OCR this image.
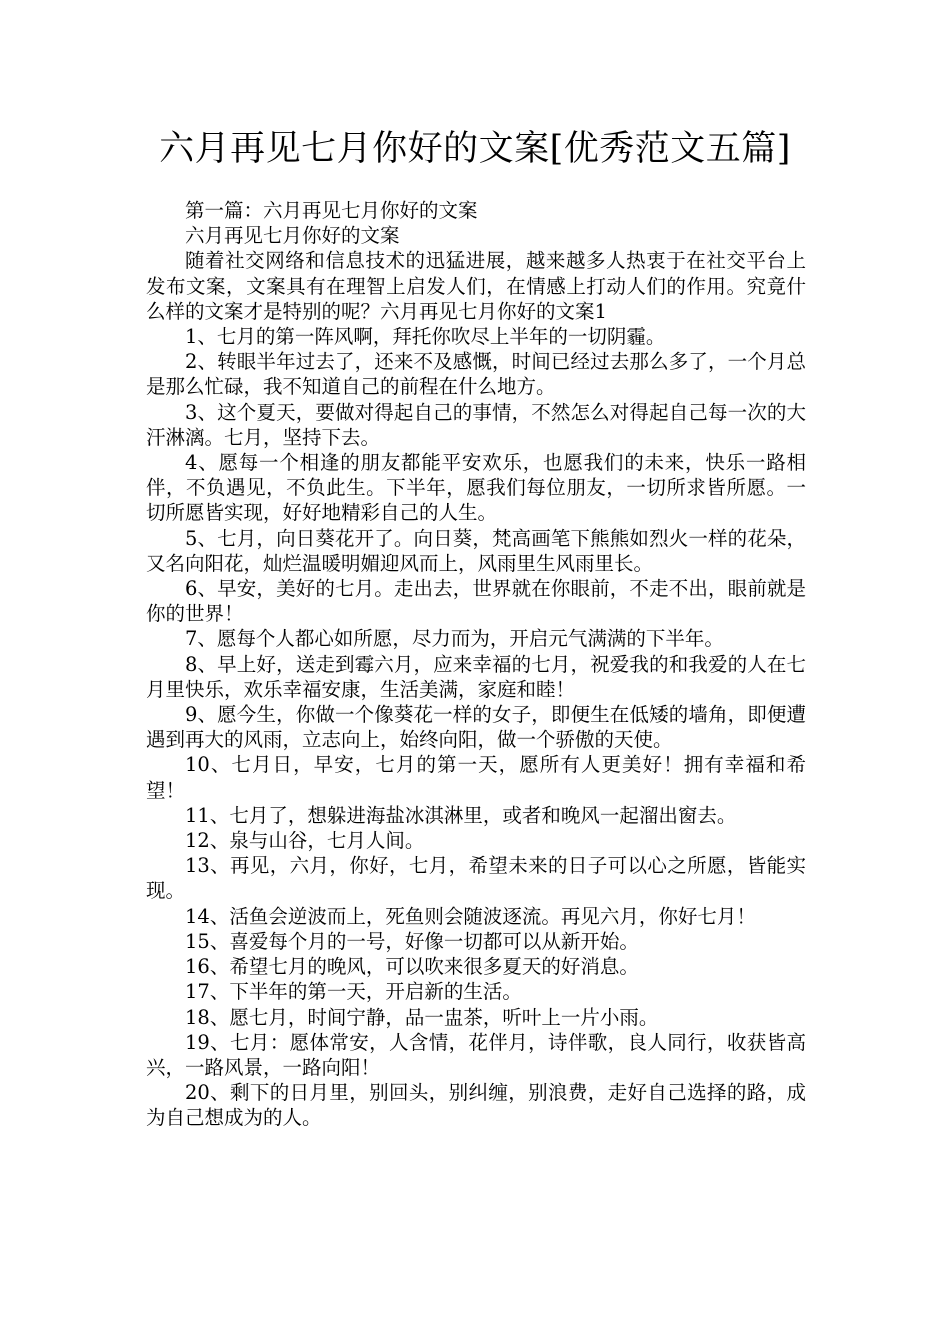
六月再见七月你好的文案[优秀范文五篇]

第一篇：六月再见七月你好的文案

六月再见七月你好的文案

随着社交网络和信息技术的迅猛进展，越来越多人热衷于在社交平台上发布文案，文案具有在理智上启发人们，在情感上打动人们的作用。究竟什么样的文案才是特别的呢？六月再见七月你好的文案1

1、七月的第一阵风啊，拜托你吹尽上半年的一切阴霾。

2、转眼半年过去了，还来不及感慨，时间已经过去那么多了，一个月总是那么忙碌，我不知道自己的前程在什么地方。

3、这个夏天，要做对得起自己的事情，不然怎么对得起自己每一次的大汗淋漓。七月，坚持下去。

4、愿每一个相逢的朋友都能平安欢乐，也愿我们的未来，快乐一路相伴，不负遇见，不负此生。下半年，愿我们每位朋友，一切所求皆所愿。一切所愿皆实现，好好地精彩自己的人生。

5、七月，向日葵花开了。向日葵，梵高画笔下熊熊如烈火一样的花朵，又名向阳花，灿烂温暖明媚迎风而上，风雨里生风雨里长。

6、早安，美好的七月。走出去，世界就在你眼前，不走不出，眼前就是你的世界！

7、愿每个人都心如所愿，尽力而为，开启元气满满的下半年。

8、早上好，送走到霉六月，应来幸福的七月，祝爱我的和我爱的人在七月里快乐，欢乐幸福安康，生活美满，家庭和睦！

9、愿今生，你做一个像葵花一样的女子，即便生在低矮的墙角，即便遭遇到再大的风雨，立志向上，始终向阳，做一个骄傲的天使。

10、七月日，早安，七月的第一天，愿所有人更美好！拥有幸福和希望！

11、七月了，想躲进海盐冰淇淋里，或者和晚风一起溜出窗去。

12、泉与山谷，七月人间。

13、再见，六月，你好，七月，希望未来的日子可以心之所愿，皆能实现。

14、活鱼会逆波而上，死鱼则会随波逐流。再见六月，你好七月！

15、喜爱每个月的一号，好像一切都可以从新开始。

16、希望七月的晚风，可以吹来很多夏天的好消息。

17、下半年的第一天，开启新的生活。

18、愿七月，时间宁静，品一盅茶，听叶上一片小雨。

19、七月：愿体常安，人含情，花伴月，诗伴歌，良人同行，收获皆高兴，一路风景，一路向阳！

20、剩下的日月里，别回头，别纠缠，别浪费，走好自己选择的路，成为自己想成为的人。
